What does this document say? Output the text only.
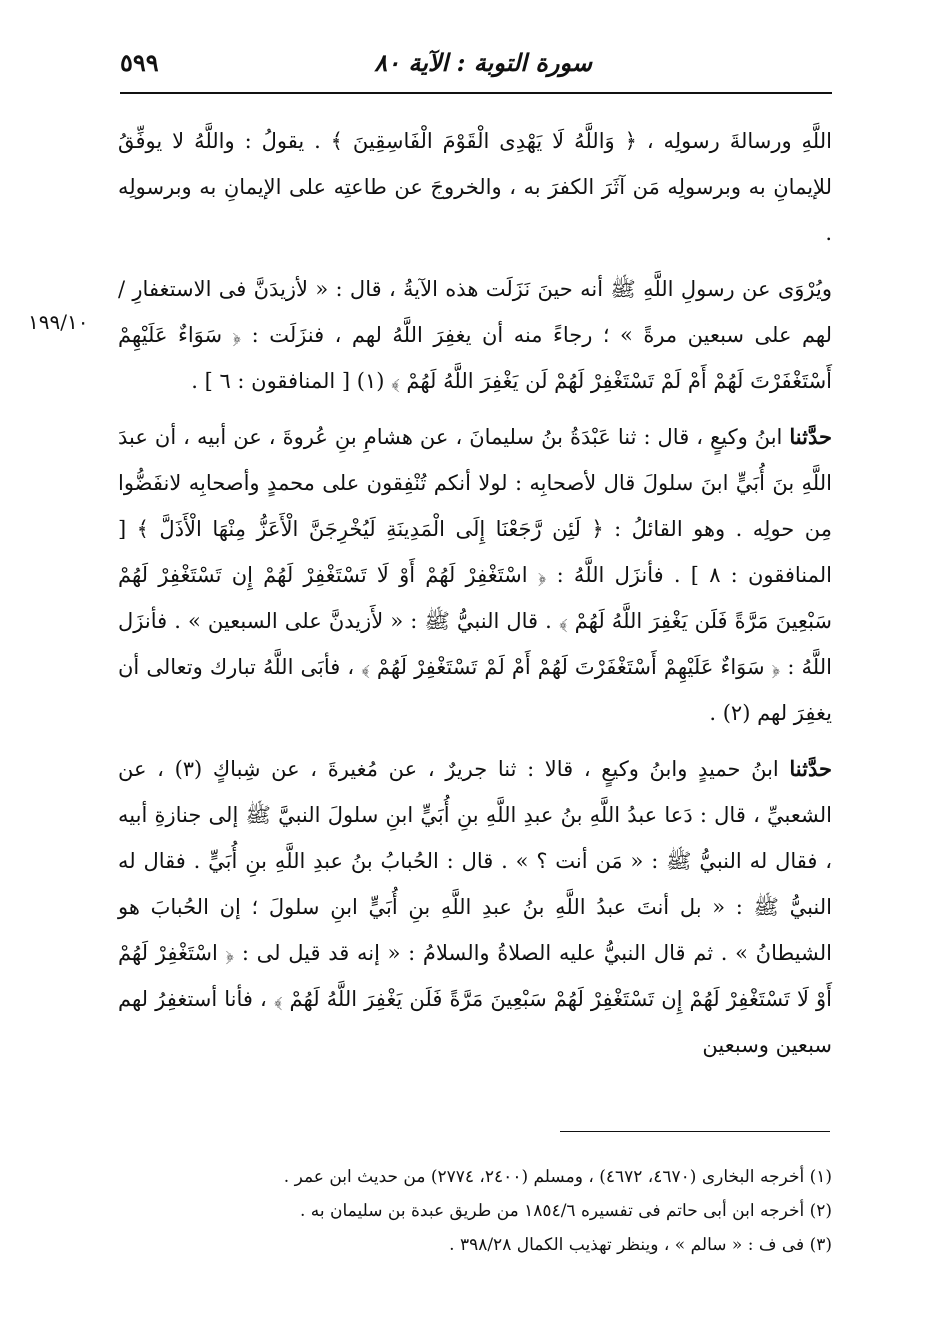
سورة التوبة : الآية ٨٠
٥٩٩
١٩٩/١٠

اللَّهِ ورسالةَ رسولِه ، ﴿ وَاللَّهُ لَا يَهْدِى الْقَوْمَ الْفَاسِقِينَ ﴾ . يقولُ : واللَّهُ لا يوفِّقُ للإيمانِ به وبرسولِه مَن آثَرَ الكفرَ به ، والخروجَ عن طاعتِه على الإيمانِ به وبرسولِه .

ويُرْوَى عن رسولِ اللَّهِ ﷺ أنه حينَ نَزَلَت هذه الآيةُ ، قال : « لأزيدَنَّ فى الاستغفارِ / لهم على سبعين مرةً » ؛ رجاءً منه أن يغفِرَ اللَّهُ لهم ، فنزَلَت : ﴿ سَوَاءٌ عَلَيْهِمْ أَسْتَغْفَرْتَ لَهُمْ أَمْ لَمْ تَسْتَغْفِرْ لَهُمْ لَن يَغْفِرَ اللَّهُ لَهُمْ ﴾ (١) [ المنافقون : ٦ ] .

حدَّثنا ابنُ وكيعٍ ، قال : ثنا عَبْدَةُ بنُ سليمانَ ، عن هشامِ بنِ عُروةَ ، عن أبيه ، أن عبدَ اللَّهِ بنَ أُبَيٍّ ابنَ سلولَ قال لأصحابِه : لولا أنكم تُنْفِقون على محمدٍ وأصحابِه لانفَضُّوا مِن حولِه . وهو القائلُ : ﴿ لَئِن رَّجَعْنَا إِلَى الْمَدِينَةِ لَيُخْرِجَنَّ الْأَعَزُّ مِنْهَا الْأَذَلَّ ﴾ [ المنافقون : ٨ ] . فأنزَل اللَّهُ : ﴿ اسْتَغْفِرْ لَهُمْ أَوْ لَا تَسْتَغْفِرْ لَهُمْ إِن تَسْتَغْفِرْ لَهُمْ سَبْعِينَ مَرَّةً فَلَن يَغْفِرَ اللَّهُ لَهُمْ ﴾ . قال النبيُّ ﷺ : « لأَزيدنَّ على السبعين » . فأنزَل اللَّهُ : ﴿ سَوَاءٌ عَلَيْهِمْ أَسْتَغْفَرْتَ لَهُمْ أَمْ لَمْ تَسْتَغْفِرْ لَهُمْ ﴾ ، فأبَى اللَّهُ تبارك وتعالى أن يغفِرَ لهم (٢) .

حدَّثنا ابنُ حميدٍ وابنُ وكيعٍ ، قالا : ثنا جريرٌ ، عن مُغيرةَ ، عن شِباكٍ (٣) ، عن الشعبيِّ ، قال : دَعا عبدُ اللَّهِ بنُ عبدِ اللَّهِ بنِ أُبَيٍّ ابنِ سلولَ النبيَّ ﷺ إلى جنازةِ أبيه ، فقال له النبيُّ ﷺ : « مَن أنت ؟ » . قال : الحُبابُ بنُ عبدِ اللَّهِ بنِ أُبَيٍّ . فقال له النبيُّ ﷺ : « بل أنتَ عبدُ اللَّهِ بنُ عبدِ اللَّهِ بنِ أُبَيٍّ ابنِ سلولَ ؛ إن الحُبابَ هو الشيطانُ » . ثم قال النبيُّ عليه الصلاةُ والسلامُ : « إنه قد قيل لى : ﴿ اسْتَغْفِرْ لَهُمْ أَوْ لَا تَسْتَغْفِرْ لَهُمْ إِن تَسْتَغْفِرْ لَهُمْ سَبْعِينَ مَرَّةً فَلَن يَغْفِرَ اللَّهُ لَهُمْ ﴾ ، فأنا أستغفِرُ لهم سبعين وسبعين

(١) أخرجه البخارى (٤٦٧٠، ٤٦٧٢) ، ومسلم (٢٤٠٠، ٢٧٧٤) من حديث ابن عمر .
(٢) أخرجه ابن أبى حاتم فى تفسيره ١٨٥٤/٦ من طريق عبدة بن سليمان به .
(٣) فى ف : « سالم » ، وينظر تهذيب الكمال ٣٩٨/٢٨ .
